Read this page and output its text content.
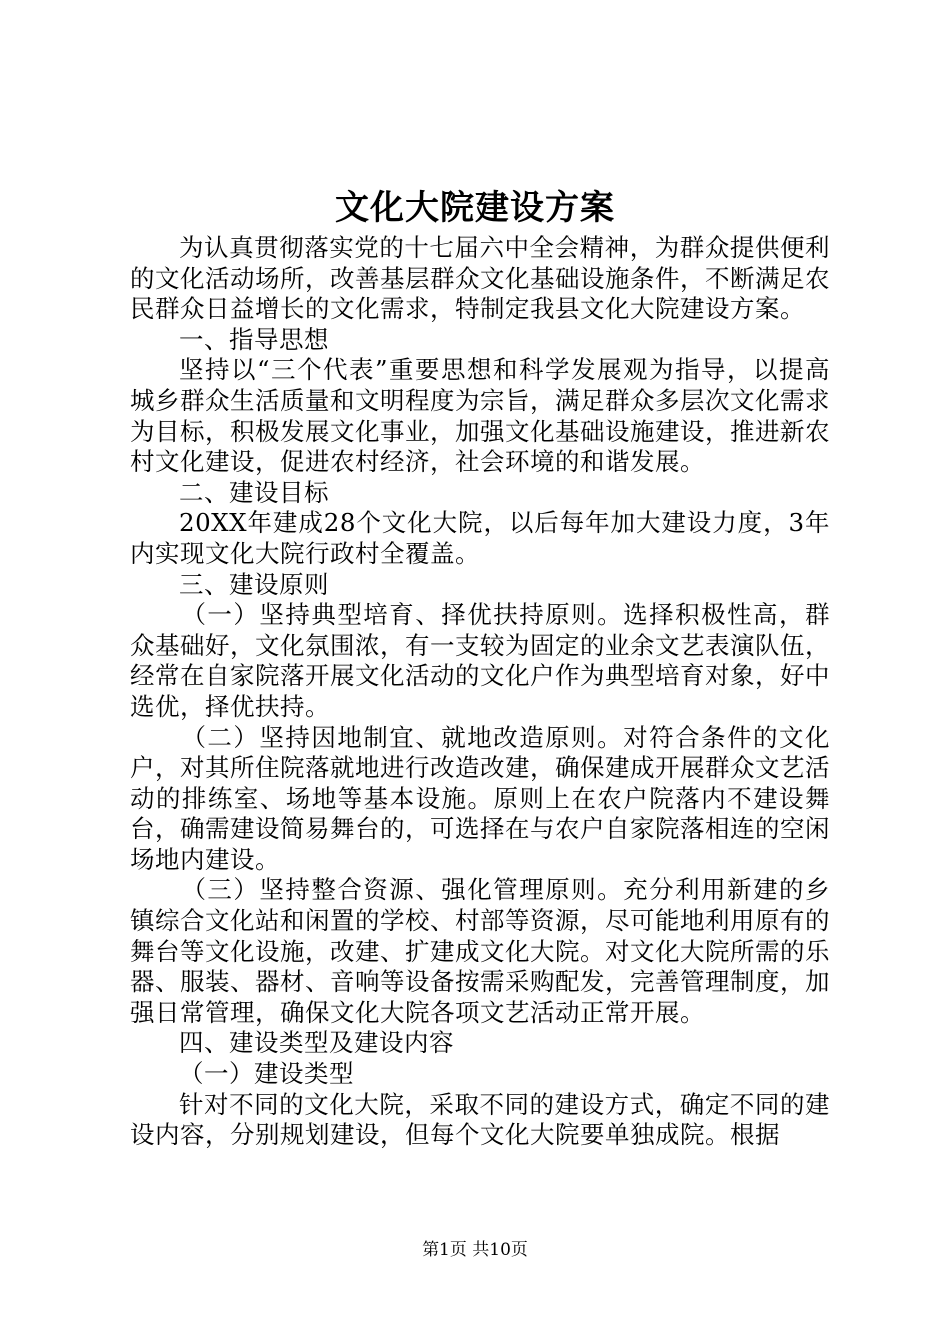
文化大院建设方案

为认真贯彻落实党的十七届六中全会精神，为群众提供便利的文化活动场所，改善基层群众文化基础设施条件，不断满足农民群众日益增长的文化需求，特制定我县文化大院建设方案。

一、指导思想

坚持以“三个代表”重要思想和科学发展观为指导，以提高城乡群众生活质量和文明程度为宗旨，满足群众多层次文化需求为目标，积极发展文化事业，加强文化基础设施建设，推进新农村文化建设，促进农村经济，社会环境的和谐发展。

二、建设目标

20XX年建成28个文化大院，以后每年加大建设力度，3年内实现文化大院行政村全覆盖。

三、建设原则

（一）坚持典型培育、择优扶持原则。选择积极性高，群众基础好，文化氛围浓，有一支较为固定的业余文艺表演队伍，经常在自家院落开展文化活动的文化户作为典型培育对象，好中选优，择优扶持。

（二）坚持因地制宜、就地改造原则。对符合条件的文化户，对其所住院落就地进行改造改建，确保建成开展群众文艺活动的排练室、场地等基本设施。原则上在农户院落内不建设舞台，确需建设简易舞台的，可选择在与农户自家院落相连的空闲场地内建设。

（三）坚持整合资源、强化管理原则。充分利用新建的乡镇综合文化站和闲置的学校、村部等资源，尽可能地利用原有的舞台等文化设施，改建、扩建成文化大院。对文化大院所需的乐器、服装、器材、音响等设备按需采购配发，完善管理制度，加强日常管理，确保文化大院各项文艺活动正常开展。

四、建设类型及建设内容

（一）建设类型

针对不同的文化大院，采取不同的建设方式，确定不同的建设内容，分别规划建设，但每个文化大院要单独成院。根据

第1页 共10页
